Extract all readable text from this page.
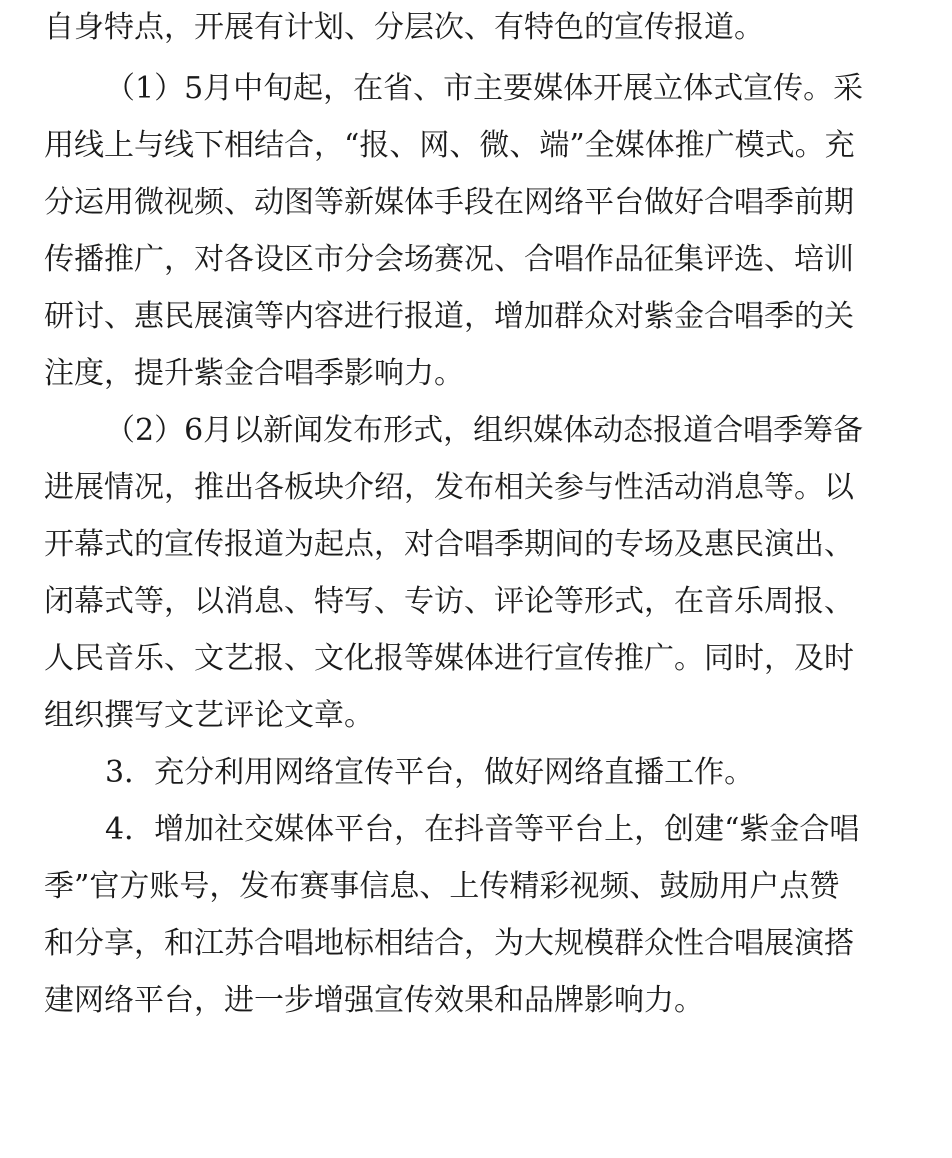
自身特点，开展有计划、分层次、有特色的宣传报道。
（1）5月中旬起，在省、市主要媒体开展立体式宣传。采
用线上与线下相结合，“报、网、微、端”全媒体推广模式。充
分运用微视频、动图等新媒体手段在网络平台做好合唱季前期
传播推广，对各设区市分会场赛况、合唱作品征集评选、培训
研讨、惠民展演等内容进行报道，增加群众对紫金合唱季的关
注度，提升紫金合唱季影响力。
（2）6月以新闻发布形式，组织媒体动态报道合唱季筹备
进展情况，推出各板块介绍，发布相关参与性活动消息等。以
开幕式的宣传报道为起点，对合唱季期间的专场及惠民演出、
闭幕式等，以消息、特写、专访、评论等形式，在音乐周报、
人民音乐、文艺报、文化报等媒体进行宣传推广。同时，及时
组织撰写文艺评论文章。
3．充分利用网络宣传平台，做好网络直播工作。
4．增加社交媒体平台，在抖音等平台上，创建“紫金合唱
季”官方账号，发布赛事信息、上传精彩视频、鼓励用户点赞
和分享，和江苏合唱地标相结合，为大规模群众性合唱展演搭
建网络平台，进一步增强宣传效果和品牌影响力。
